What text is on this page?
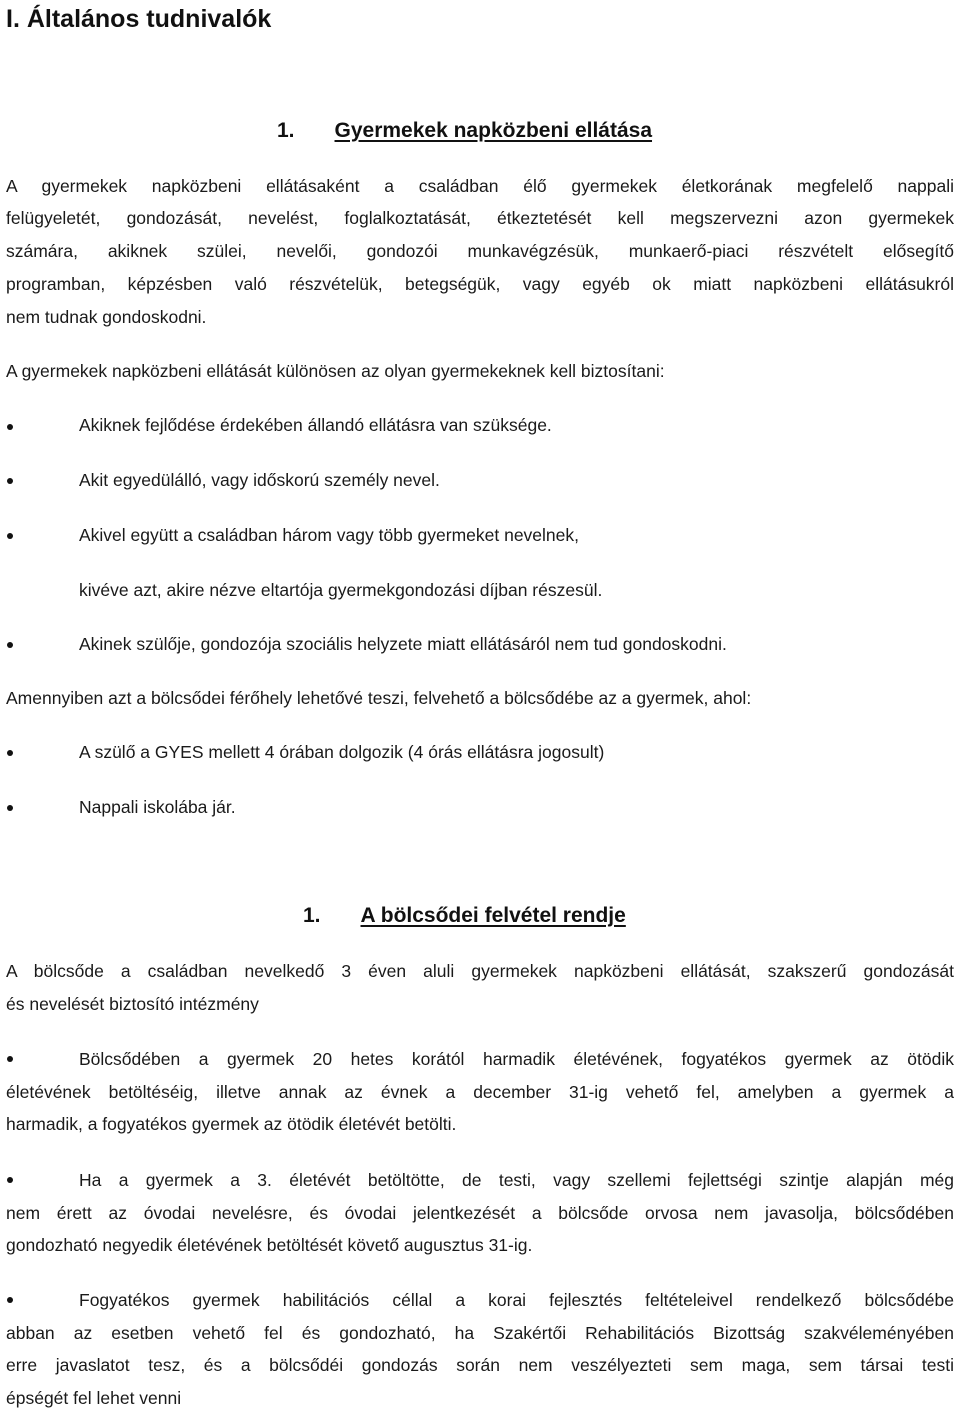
I. Általános tudnivalók
1. Gyermekek napközbeni ellátása

A gyermekek napközbeni ellátásaként a családban élő gyermekek életkorának megfelelő nappali

felügyeletét, gondozását, nevelést, foglalkoztatását, étkeztetését kell megszervezni azon gyermekek

számára, akiknek szülei, nevelői, gondozói munkavégzésük, munkaerő-piaci részvételt elősegítő

programban, képzésben való részvételük, betegségük, vagy egyéb ok miatt napközbeni ellátásukról

nem tudnak gondoskodni.

A gyermekek napközbeni ellátását különösen az olyan gyermekeknek kell biztosítani:

Akiknek fejlődése érdekében állandó ellátásra van szüksége.

Akit egyedülálló, vagy időskorú személy nevel.

Akivel együtt a családban három vagy több gyermeket nevelnek,

kivéve azt, akire nézve eltartója gyermekgondozási díjban részesül.

Akinek szülője, gondozója szociális helyzete miatt ellátásáról nem tud gondoskodni.

Amennyiben azt a bölcsődei férőhely lehetővé teszi, felvehető a bölcsődébe az a gyermek, ahol:

A szülő a GYES mellett 4 órában dolgozik (4 órás ellátásra jogosult)

Nappali iskolába jár.

1. A bölcsődei felvétel rendje

A bölcsőde a családban nevelkedő 3 éven aluli gyermekek napközbeni ellátását, szakszerű gondozását

és nevelését biztosító intézmény

Bölcsődében a gyermek 20 hetes korától harmadik életévének, fogyatékos gyermek az ötödik

életévének betöltéséig, illetve annak az évnek a december 31-ig vehető fel, amelyben a gyermek a

harmadik, a fogyatékos gyermek az ötödik életévét betölti.

Ha a gyermek a 3. életévét betöltötte, de testi, vagy szellemi fejlettségi szintje alapján még

nem érett az óvodai nevelésre, és óvodai jelentkezését a bölcsőde orvosa nem javasolja, bölcsődében

gondozható negyedik életévének betöltését követő augusztus 31-ig.

Fogyatékos gyermek habilitációs céllal a korai fejlesztés feltételeivel rendelkező bölcsődébe

abban az esetben vehető fel és gondozható, ha Szakértői Rehabilitációs Bizottság szakvéleményében

erre javaslatot tesz, és a bölcsődéi gondozás során nem veszélyezteti sem maga, sem társai testi

épségét fel lehet venni
